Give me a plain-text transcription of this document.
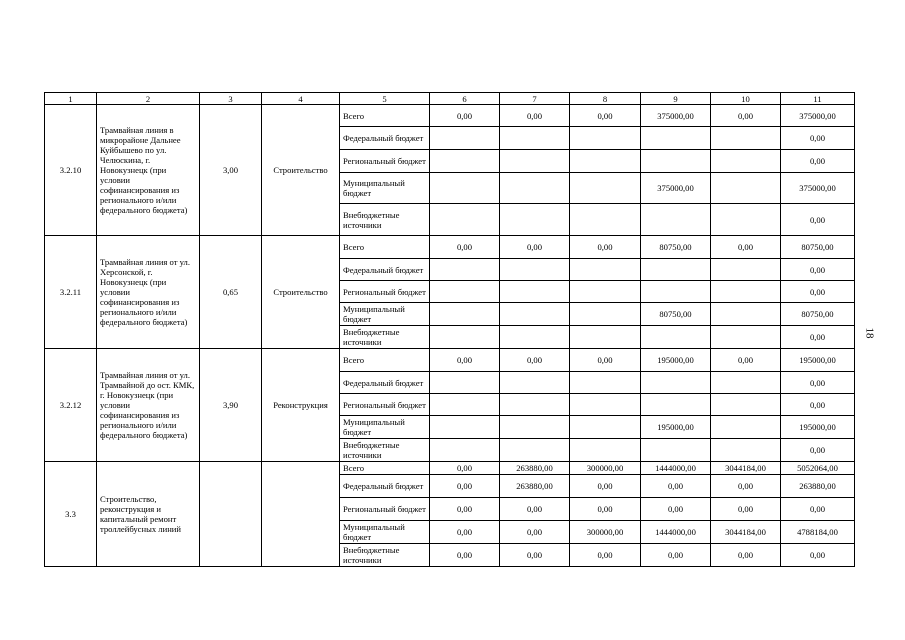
1	2	3	4	5	6	7	8	9	10	11
3.2.10	Трамвайная линия в микрорайоне Дальнее Куйбышево по ул. Челюскина, г. Новокузнецк (при условии софинансирования из регионального и/или федерального бюджета)	3,00	Строительство	Всего	0,00	0,00	0,00	375000,00	0,00	375000,00
				Федеральный бюджет						0,00
				Региональный бюджет						0,00
				Муниципальный бюджет				375000,00		375000,00
				Внебюджетные источники						0,00
3.2.11	Трамвайная линия от ул. Херсонской, г. Новокузнецк (при условии софинансирования из регионального и/или федерального бюджета)	0,65	Строительство	Всего	0,00	0,00	0,00	80750,00	0,00	80750,00
				Федеральный бюджет						0,00
				Региональный бюджет						0,00
				Муниципальный бюджет				80750,00		80750,00
				Внебюджетные источники						0,00
3.2.12	Трамвайная линия от ул. Трамвайной до ост. КМК, г. Новокузнецк (при условии софинансирования из регионального и/или федерального бюджета)	3,90	Реконструкция	Всего	0,00	0,00	0,00	195000,00	0,00	195000,00
				Федеральный бюджет						0,00
				Региональный бюджет						0,00
				Муниципальный бюджет				195000,00		195000,00
				Внебюджетные источники						0,00
3.3	Строительство, реконструкция и капитальный ремонт троллейбусных линий			Всего	0,00	263880,00	300000,00	1444000,00	3044184,00	5052064,00
				Федеральный бюджет	0,00	263880,00	0,00	0,00	0,00	263880,00
				Региональный бюджет	0,00	0,00	0,00	0,00	0,00	0,00
				Муниципальный бюджет	0,00	0,00	300000,00	1444000,00	3044184,00	4788184,00
				Внебюджетные источники	0,00	0,00	0,00	0,00	0,00	0,00
18
